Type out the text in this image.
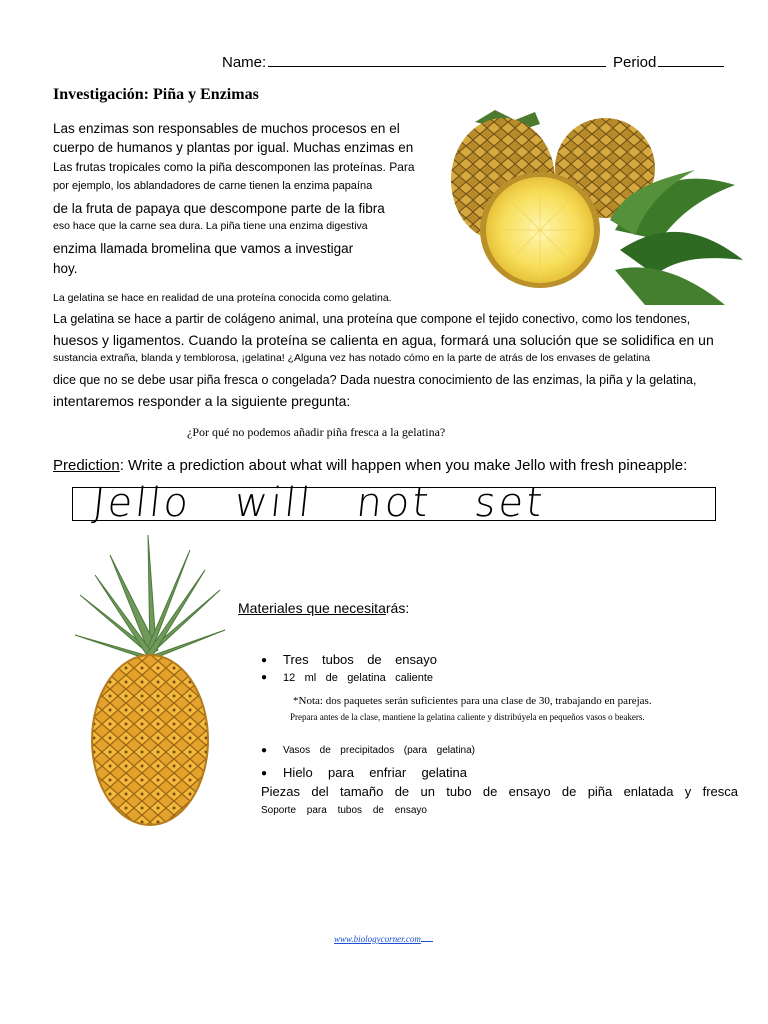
Name:	Period
Investigación: Piña y Enzimas
Las enzimas son responsables de muchos procesos en el
cuerpo de humanos y plantas por igual. Muchas enzimas en
Las frutas tropicales como la piña descomponen las proteínas. Para
por ejemplo, los ablandadores de carne tienen la enzima papaína
de la fruta de papaya que descompone parte de la fibra
eso hace que la carne sea dura. La piña tiene una enzima digestiva
enzima llamada bromelina que vamos a investigar
hoy.
La gelatina se hace en realidad de una proteína conocida como gelatina.
La gelatina se hace a partir de colágeno animal, una proteína que compone el tejido conectivo, como los tendones,
huesos y ligamentos. Cuando la proteína se calienta en agua, formará una solución que se solidifica en un
sustancia extraña, blanda y temblorosa, ¡gelatina! ¿Alguna vez has notado cómo en la parte de atrás de los envases de gelatina
dice que no se debe usar piña fresca o congelada? Dada nuestra conocimiento de las enzimas, la piña y la gelatina,
intentaremos responder a la siguiente pregunta:
¿Por qué no podemos añadir piña fresca a la gelatina?
Prediction: Write a prediction about what will happen when you make Jello with fresh pineapple:
Jello will not set
Materiales que necesitarás:
●
Tres tubos de ensayo
●
12 ml de gelatina caliente
*Nota: dos paquetes serán suficientes para una clase de 30, trabajando en parejas.
Prepara antes de la clase, mantiene la gelatina caliente y distribúyela en pequeños vasos o beakers.
●
Vasos de precipitados (para gelatina)
●
Hielo para enfriar gelatina
Piezas del tamaño de un tubo de ensayo de piña enlatada y fresca
Soporte para tubos de ensayo
www.biologycorner.com
